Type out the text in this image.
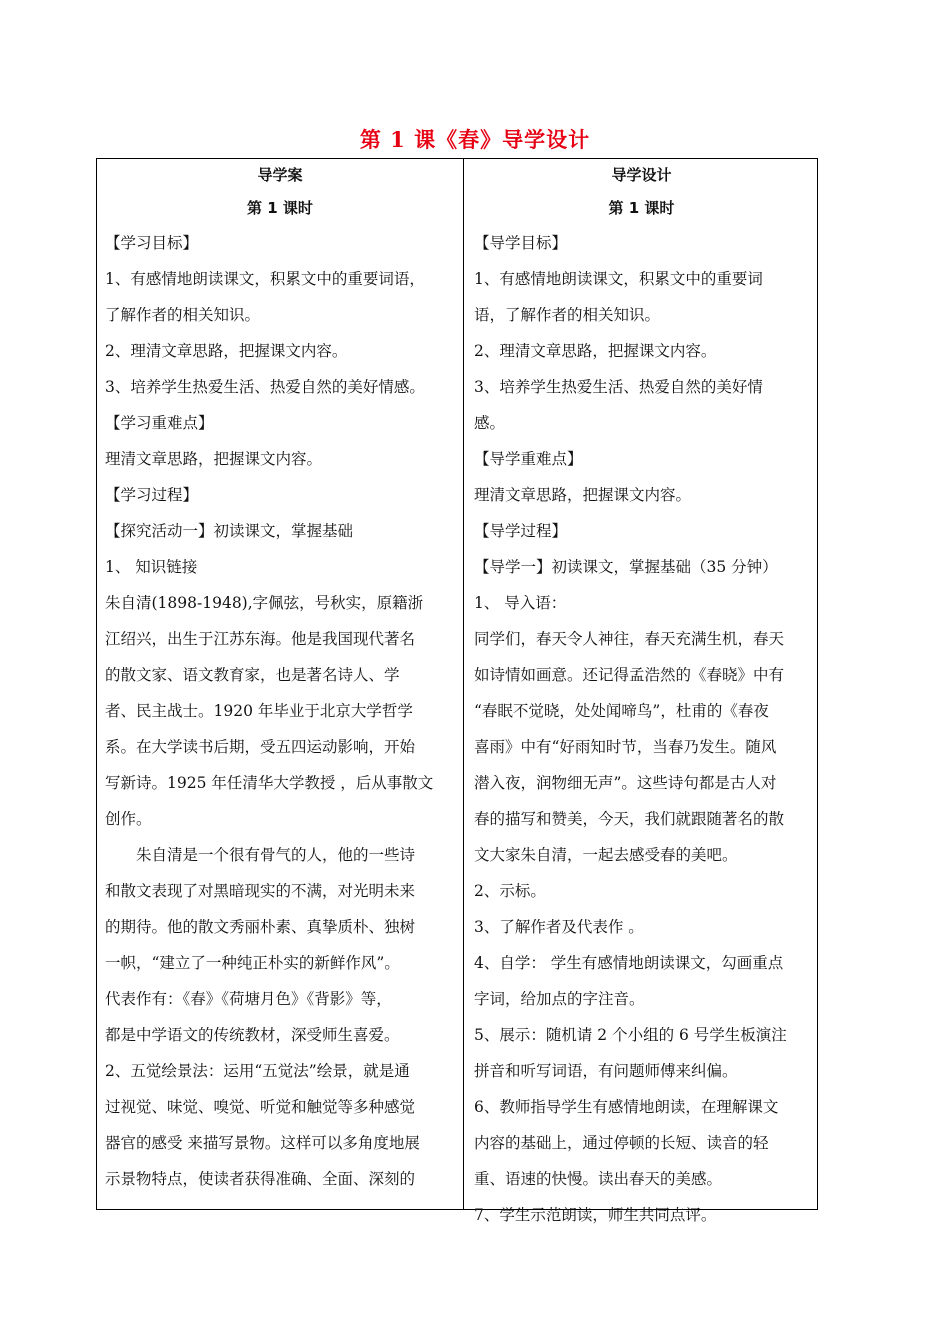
第 1 课《春》导学设计
导学案
第 1 课时
【学习目标】
1、有感情地朗读课文，积累文中的重要词语，
了解作者的相关知识。
2、理清文章思路，把握课文内容。
3、培养学生热爱生活、热爱自然的美好情感。
【学习重难点】
理清文章思路，把握课文内容。
【学习过程】
【探究活动一】初读课文，掌握基础
1、 知识链接
朱自清(1898-1948),字佩弦，号秋实，原籍浙
江绍兴，出生于江苏东海。他是我国现代著名
的散文家、语文教育家，也是著名诗人、学
者、民主战士。1920 年毕业于北京大学哲学
系。在大学读书后期，受五四运动影响，开始
写新诗。1925 年任清华大学教授 ，后从事散文
创作。
朱自清是一个很有骨气的人，他的一些诗
和散文表现了对黑暗现实的不满，对光明未来
的期待。他的散文秀丽朴素、真挚质朴、独树
一帜，“建立了一种纯正朴实的新鲜作风”。
代表作有：《春》《荷塘月色》《背影》等，
都是中学语文的传统教材，深受师生喜爱。
2、五觉绘景法：运用“五觉法”绘景，就是通
过视觉、味觉、嗅觉、听觉和触觉等多种感觉
器官的感受 来描写景物。这样可以多角度地展
示景物特点，使读者获得准确、全面、深刻的
导学设计
第 1 课时
【导学目标】
1、有感情地朗读课文，积累文中的重要词
语，了解作者的相关知识。
2、理清文章思路，把握课文内容。
3、培养学生热爱生活、热爱自然的美好情
感。
【导学重难点】
理清文章思路，把握课文内容。
【导学过程】
【导学一】初读课文，掌握基础（35 分钟）
1、 导入语：
同学们，春天令人神往，春天充满生机，春天
如诗情如画意。还记得孟浩然的《春晓》中有
“春眠不觉晓，处处闻啼鸟”，杜甫的《春夜
喜雨》中有“好雨知时节，当春乃发生。随风
潜入夜，润物细无声”。这些诗句都是古人对
春的描写和赞美，今天，我们就跟随著名的散
文大家朱自清，一起去感受春的美吧。
2、示标。
3、了解作者及代表作 。
4、自学： 学生有感情地朗读课文，勾画重点
字词，给加点的字注音。
5、展示：随机请 2 个小组的 6 号学生板演注
拼音和听写词语，有问题师傅来纠偏。
6、教师指导学生有感情地朗读，在理解课文
内容的基础上，通过停顿的长短、读音的轻
重、语速的快慢。读出春天的美感。
7、学生示范朗读，师生共同点评。
